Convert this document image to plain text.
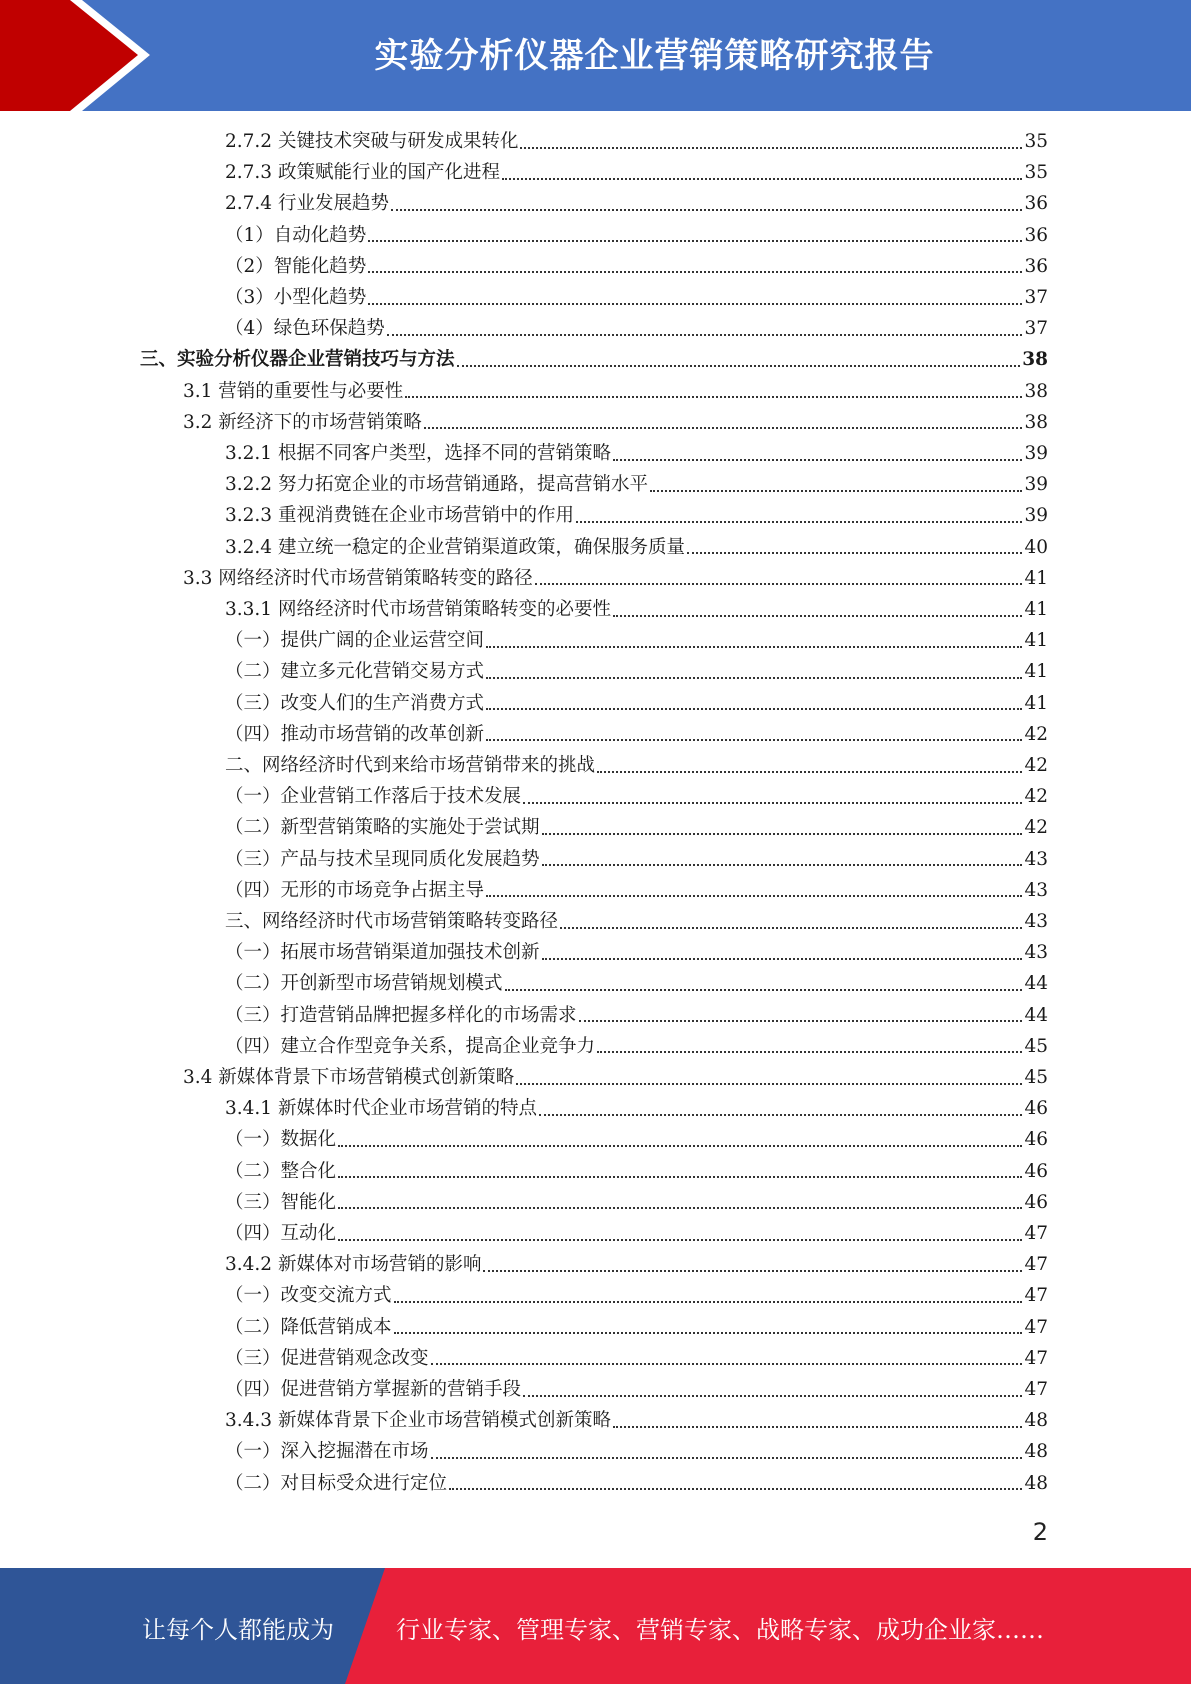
实验分析仪器企业营销策略研究报告
2.7.2 关键技术突破与研发成果转化	35
2.7.3 政策赋能行业的国产化进程	35
2.7.4 行业发展趋势	36
（1）自动化趋势	36
（2）智能化趋势	36
（3）小型化趋势	37
（4）绿色环保趋势	37
三、实验分析仪器企业营销技巧与方法	38
3.1 营销的重要性与必要性	38
3.2 新经济下的市场营销策略	38
3.2.1 根据不同客户类型，选择不同的营销策略	39
3.2.2 努力拓宽企业的市场营销通路，提高营销水平	39
3.2.3 重视消费链在企业市场营销中的作用	39
3.2.4 建立统一稳定的企业营销渠道政策，确保服务质量	40
3.3 网络经济时代市场营销策略转变的路径	41
3.3.1 网络经济时代市场营销策略转变的必要性	41
（一）提供广阔的企业运营空间	41
（二）建立多元化营销交易方式	41
（三）改变人们的生产消费方式	41
（四）推动市场营销的改革创新	42
二、网络经济时代到来给市场营销带来的挑战	42
（一）企业营销工作落后于技术发展	42
（二）新型营销策略的实施处于尝试期	42
（三）产品与技术呈现同质化发展趋势	43
（四）无形的市场竞争占据主导	43
三、网络经济时代市场营销策略转变路径	43
（一）拓展市场营销渠道加强技术创新	43
（二）开创新型市场营销规划模式	44
（三）打造营销品牌把握多样化的市场需求	44
（四）建立合作型竞争关系，提高企业竞争力	45
3.4 新媒体背景下市场营销模式创新策略	45
3.4.1 新媒体时代企业市场营销的特点	46
（一）数据化	46
（二）整合化	46
（三）智能化	46
（四）互动化	47
3.4.2 新媒体对市场营销的影响	47
（一）改变交流方式	47
（二）降低营销成本	47
（三）促进营销观念改变	47
（四）促进营销方掌握新的营销手段	47
3.4.3 新媒体背景下企业市场营销模式创新策略	48
（一）深入挖掘潜在市场	48
（二）对目标受众进行定位	48
2
让每个人都能成为	行业专家、管理专家、营销专家、战略专家、成功企业家……
